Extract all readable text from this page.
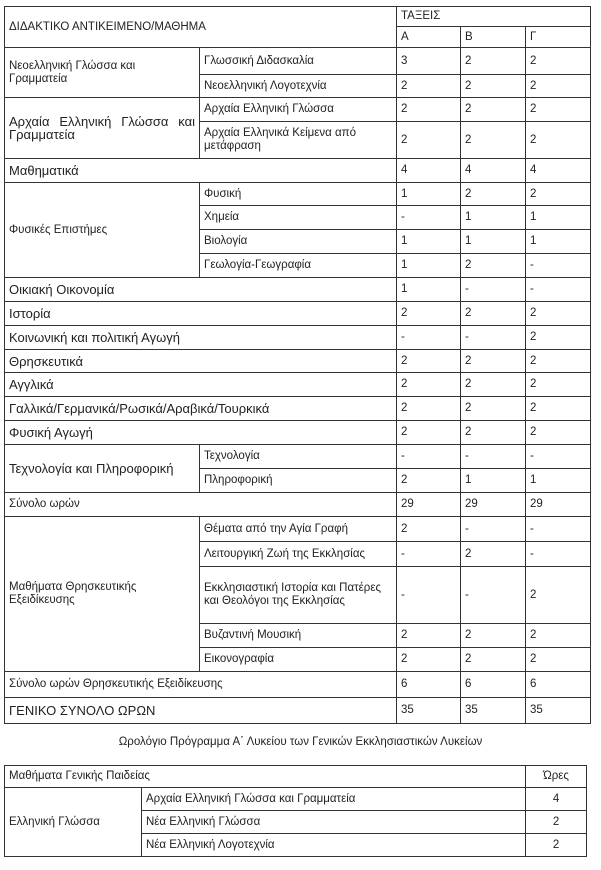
ΔΙΔΑΚΤΙΚΟ ΑΝΤΙΚΕΙΜΕΝΟ/ΜΑΘΗΜΑ		ΤΑΞΕΙΣ		
		Α	Β	Γ
Νεοελληνική Γλώσσα και Γραμματεία	Γλωσσική Διδασκαλία	3	2	2
	Νεοελληνική Λογοτεχνία	2	2	2
Αρχαία Ελληνική Γλώσσα και Γραμματεία	Αρχαία Ελληνική Γλώσσα	2	2	2
	Αρχαία Ελληνικά Κείμενα από μετάφραση	2	2	2
Μαθηματικά		4	4	4
Φυσικές Επιστήμες	Φυσική	1	2	2
	Χημεία	-	1	1
	Βιολογία	1	1	1
	Γεωλογία-Γεωγραφία	1	2	-
Οικιακή Οικονομία		1	-	-
Ιστορία		2	2	2
Κοινωνική και πολιτική Αγωγή		-	-	2
Θρησκευτικά		2	2	2
Αγγλικά		2	2	2
Γαλλικά/Γερμανικά/Ρωσικά/Αραβικά/Τουρκικά		2	2	2
Φυσική Αγωγή		2	2	2
Τεχνολογία και Πληροφορική	Τεχνολογία	-	-	-
	Πληροφορική	2	1	1
Σύνολο ωρών		29	29	29
Μαθήματα Θρησκευτικής Εξειδίκευσης	Θέματα από την Αγία Γραφή	2	-	-
	Λειτουργική Ζωή της Εκκλησίας	-	2	-
	Εκκλησιαστική Ιστορία και Πατέρες και Θεολόγοι της Εκκλησίας	-	-	2
	Βυζαντινή Μουσική	2	2	2
	Εικονογραφία	2	2	2
Σύνολο ωρών Θρησκευτικής Εξειδίκευσης		6	6	6
ΓΕΝΙΚΟ ΣΥΝΟΛΟ ΩΡΩΝ		35	35	35
Ωρολόγιο Πρόγραμμα Α΄ Λυκείου των Γενικών Εκκλησιαστικών Λυκείων
Μαθήματα Γενικής Παιδείας		Ώρες
Ελληνική Γλώσσα	Αρχαία Ελληνική Γλώσσα και Γραμματεία	4
	Νέα Ελληνική Γλώσσα	2
	Νέα Ελληνική Λογοτεχνία	2
